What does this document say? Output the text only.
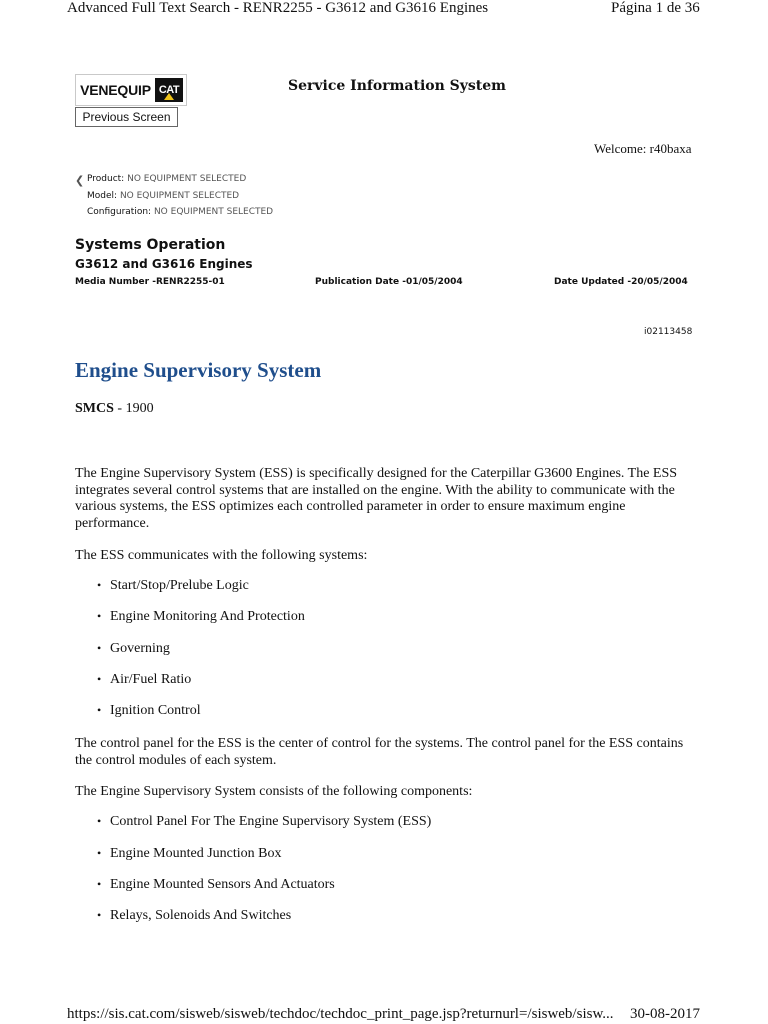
Advanced Full Text Search - RENR2255 - G3612 and G3616 Engines	Página 1 de 36
VENEQUIP CAT
Previous Screen
Service Information System
Welcome: r40baxa
❮ Product: NO EQUIPMENT SELECTED
Model: NO EQUIPMENT SELECTED
Configuration: NO EQUIPMENT SELECTED
Systems Operation
G3612 and G3616 Engines
Media Number -RENR2255-01	Publication Date -01/05/2004	Date Updated -20/05/2004
i02113458
Engine Supervisory System
SMCS - 1900
The Engine Supervisory System (ESS) is specifically designed for the Caterpillar G3600 Engines. The ESS integrates several control systems that are installed on the engine. With the ability to communicate with the various systems, the ESS optimizes each controlled parameter in order to ensure maximum engine performance.
The ESS communicates with the following systems:
• Start/Stop/Prelube Logic
• Engine Monitoring And Protection
• Governing
• Air/Fuel Ratio
• Ignition Control
The control panel for the ESS is the center of control for the systems. The control panel for the ESS contains the control modules of each system.
The Engine Supervisory System consists of the following components:
• Control Panel For The Engine Supervisory System (ESS)
• Engine Mounted Junction Box
• Engine Mounted Sensors And Actuators
• Relays, Solenoids And Switches
https://sis.cat.com/sisweb/sisweb/techdoc/techdoc_print_page.jsp?returnurl=/sisweb/sisw... 30-08-2017
